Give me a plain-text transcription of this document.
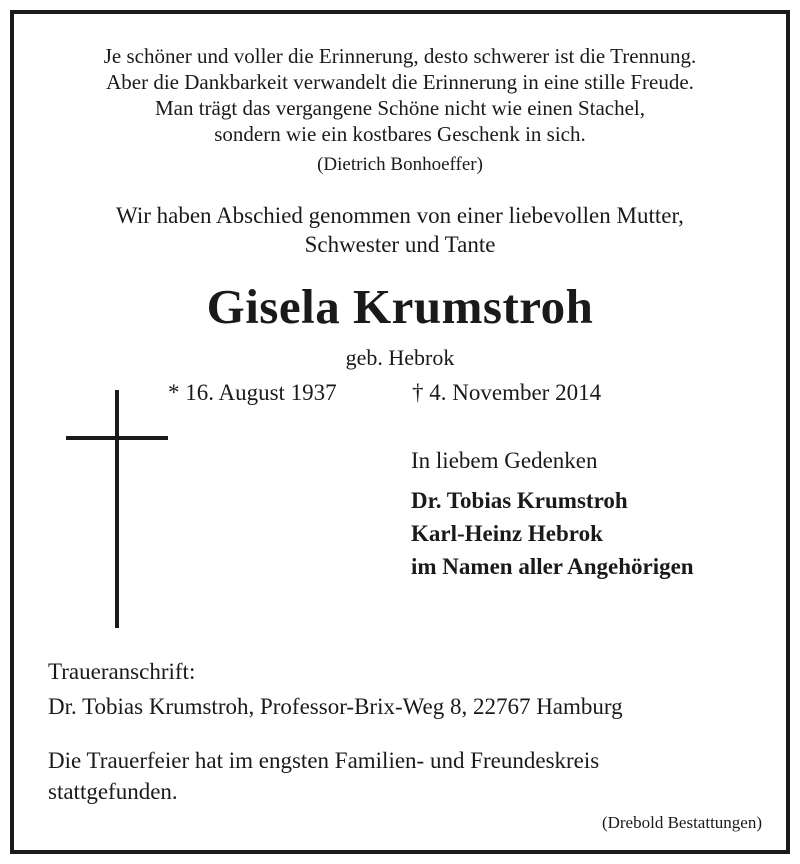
Je schöner und voller die Erinnerung, desto schwerer ist die Trennung.
Aber die Dankbarkeit verwandelt die Erinnerung in eine stille Freude.
Man trägt das vergangene Schöne nicht wie einen Stachel,
sondern wie ein kostbares Geschenk in sich.
(Dietrich Bonhoeffer)
Wir haben Abschied genommen von einer liebevollen Mutter,
Schwester und Tante
Gisela Krumstroh
geb. Hebrok
* 16. August 1937	† 4. November 2014
In liebem Gedenken
Dr. Tobias Krumstroh
Karl-Heinz Hebrok
im Namen aller Angehörigen
Traueranschrift:
Dr. Tobias Krumstroh, Professor-Brix-Weg 8, 22767 Hamburg
Die Trauerfeier hat im engsten Familien- und Freundeskreis
stattgefunden.
(Drebold Bestattungen)
